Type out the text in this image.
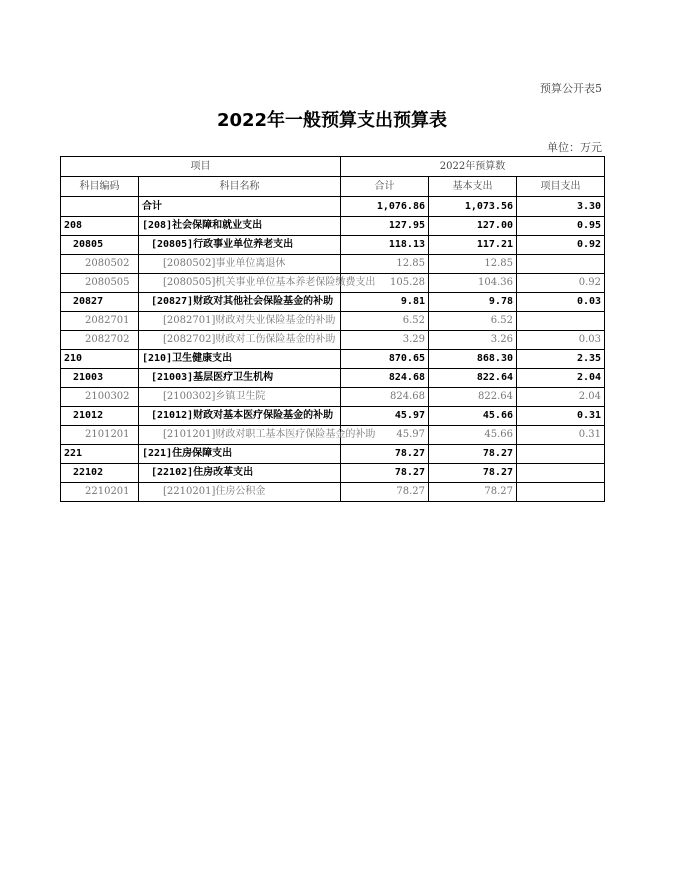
预算公开表5
2022年一般预算支出预算表
单位：万元
项目		2022年预算数		
科目编码	科目名称	合计	基本支出	项目支出
	合计	1,076.86	1,073.56	3.30
208	[208]社会保障和就业支出	127.95	127.00	0.95
20805	[20805]行政事业单位养老支出	118.13	117.21	0.92
2080502	[2080502]事业单位离退休	12.85	12.85	
2080505	[2080505]机关事业单位基本养老保险缴费支出	105.28	104.36	0.92
20827	[20827]财政对其他社会保险基金的补助	9.81	9.78	0.03
2082701	[2082701]财政对失业保险基金的补助	6.52	6.52	
2082702	[2082702]财政对工伤保险基金的补助	3.29	3.26	0.03
210	[210]卫生健康支出	870.65	868.30	2.35
21003	[21003]基层医疗卫生机构	824.68	822.64	2.04
2100302	[2100302]乡镇卫生院	824.68	822.64	2.04
21012	[21012]财政对基本医疗保险基金的补助	45.97	45.66	0.31
2101201	[2101201]财政对职工基本医疗保险基金的补助	45.97	45.66	0.31
221	[221]住房保障支出	78.27	78.27	
22102	[22102]住房改革支出	78.27	78.27	
2210201	[2210201]住房公积金	78.27	78.27	
